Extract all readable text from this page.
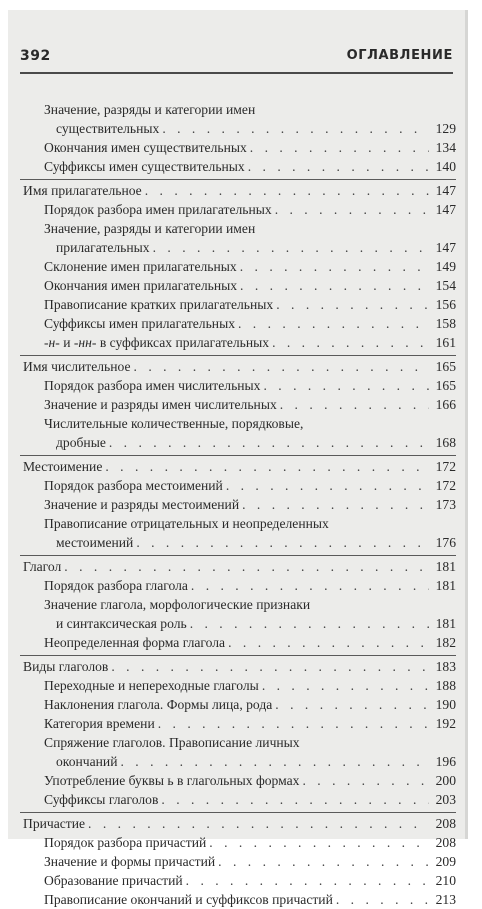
392	ОГЛАВЛЕНИЕ
Значение, разряды и категории имен
существительных . . .	129
Окончания имен существительных . . .	134
Суффиксы имен существительных . . .	140
Имя прилагательное . . .	147
Порядок разбора имен прилагательных . . .	147
Значение, разряды и категории имен
прилагательных . . .	147
Склонение имен прилагательных . . .	149
Окончания имен прилагательных . . .	154
Правописание кратких прилагательных . . .	156
Суффиксы имен прилагательных . . .	158
-н- и -нн- в суффиксах прилагательных . . .	161
Имя числительное . . .	165
Порядок разбора имен числительных . . .	165
Значение и разряды имен числительных . . .	166
Числительные количественные, порядковые,
дробные . . .	168
Местоимение . . .	172
Порядок разбора местоимений . . .	172
Значение и разряды местоимений . . .	173
Правописание отрицательных и неопределенных
местоимений . . .	176
Глагол . . .	181
Порядок разбора глагола . . .	181
Значение глагола, морфологические признаки
и синтаксическая роль . . .	181
Неопределенная форма глагола . . .	182
Виды глаголов . . .	183
Переходные и непереходные глаголы . . .	188
Наклонения глагола. Формы лица, рода . . .	190
Категория времени . . .	192
Спряжение глаголов. Правописание личных
окончаний . . .	196
Употребление буквы ь в глагольных формах . . .	200
Суффиксы глаголов . . .	203
Причастие . . .	208
Порядок разбора причастий . . .	208
Значение и формы причастий . . .	209
Образование причастий . . .	210
Правописание окончаний и суффиксов причастий . . .	213
